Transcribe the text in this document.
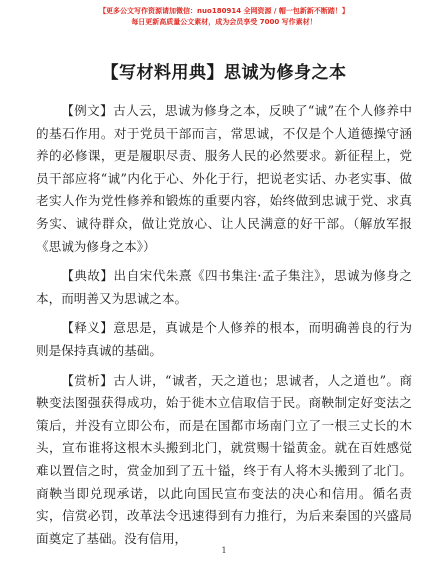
【更多公文写作资源请加微信：nuo180914 全网资源 / 帽一包新新不断踏！】
每日更新高质量公文素材，成为会员享受 7000 写作素材！
【写材料用典】思诚为修身之本

【例文】古人云，思诚为修身之本，反映了“诚”在个人修养中的基石作用。对于党员干部而言，常思诚，不仅是个人道德操守涵养的必修课，更是履职尽责、服务人民的必然要求。新征程上，党员干部应将“诚”内化于心、外化于行，把说老实话、办老实事、做老实人作为党性修养和锻炼的重要内容，始终做到忠诚于党、求真务实、诚待群众，做让党放心、让人民满意的好干部。（解放军报《思诚为修身之本》）

【典故】出自宋代朱熹《四书集注·孟子集注》，思诚为修身之本，而明善又为思诚之本。

【释义】意思是，真诚是个人修养的根本，而明确善良的行为则是保持真诚的基础。

【赏析】古人讲，“诚者，天之道也；思诚者，人之道也”。商鞅变法图强获得成功，始于徙木立信取信于民。商鞅制定好变法之策后，并没有立即公布，而是在国都市场南门立了一根三丈长的木头，宣布谁将这根木头搬到北门，就赏赐十镒黄金。就在百姓感觉难以置信之时，赏金加到了五十镒，终于有人将木头搬到了北门。商鞅当即兑现承诺，以此向国民宣布变法的决心和信用。循名责实，信赏必罚，改革法令迅速得到有力推行，为后来秦国的兴盛局面奠定了基础。没有信用，

1
